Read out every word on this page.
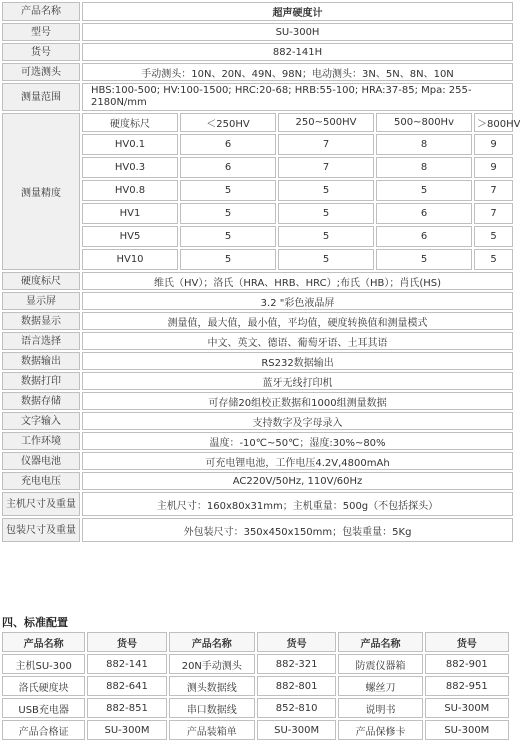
产品名称	超声硬度计				
型号	SU-300H				
货号	882-141H				
可选测头	手动测头：10N、20N、49N、98N；电动测头：3N、5N、8N、10N				
测量范围	HBS:100-500; HV:100-1500; HRC:20-68; HRB:55-100; HRA:37-85; Mpa: 255-2180N/mm				
测量精度	硬度标尺	＜250HV	250~500HV	500~800Hv	＞800HV
	HV0.1	6	7	8	9
	HV0.3	6	7	8	9
	HV0.8	5	5	5	7
	HV1	5	5	6	7
	HV5	5	5	6	5
	HV10	5	5	5	5
硬度标尺	维氏（HV）；洛氏（HRA、HRB、HRC）;布氏（HB）；肖氏(HS)				
显示屏	3.2 "彩色液晶屏				
数据显示	测量值，最大值，最小值，平均值，硬度转换值和测量模式				
语言选择	中文、英文、德语、葡萄牙语、土耳其语				
数据输出	RS232数据输出				
数据打印	蓝牙无线打印机				
数据存储	可存储20组校正数据和1000组测量数据				
文字输入	支持数字及字母录入				
工作环境	温度：-10℃~50℃；湿度:30%~80%				
仪器电池	可充电锂电池，工作电压4.2V,4800mAh				
充电电压	AC220V/50Hz, 110V/60Hz				
主机尺寸及重量	主机尺寸：160x80x31mm；主机重量：500g（不包括探头）				
包装尺寸及重量	外包装尺寸：350x450x150mm；包装重量：5Kg				
四、标准配置
产品名称	货号	产品名称	货号	产品名称	货号
主机SU-300	882-141	20N手动测头	882-321	防震仪器箱	882-901
洛氏硬度块	882-641	测头数据线	882-801	螺丝刀	882-951
USB充电器	882-851	串口数据线	852-810	说明书	SU-300M
产品合格证	SU-300M	产品装箱单	SU-300M	产品保修卡	SU-300M
